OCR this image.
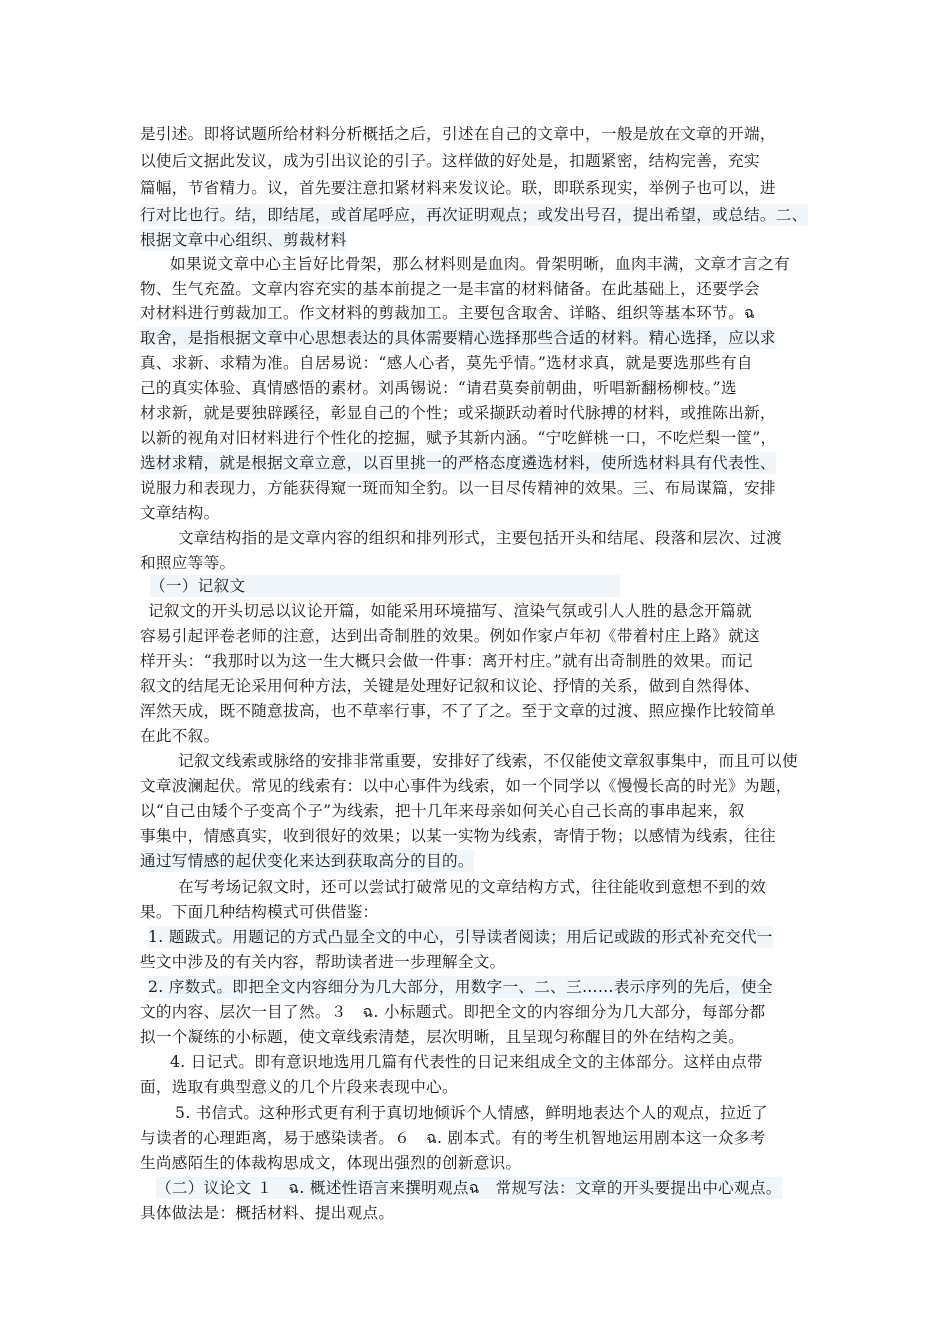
是引述。即将试题所给材料分析概括之后，引述在自己的文章中，一般是放在文章的开端，
以使后文据此发议，成为引出议论的引子。这样做的好处是，扣题紧密，结构完善，充实
篇幅，节省精力。议，首先要注意扣紧材料来发议论。联，即联系现实，举例子也可以，进
行对比也行。结，即结尾，或首尾呼应，再次证明观点；或发出号召，提出希望，或总结。二、
根据文章中心组织、剪裁材料
如果说文章中心主旨好比骨架，那么材料则是血肉。骨架明晰，血肉丰满，文章才言之有
物、生气充盈。文章内容充实的基本前提之一是丰富的材料储备。在此基础上，还要学会
对材料进行剪裁加工。作文材料的剪裁加工。主要包含取舍、详略、组织等基本环节。ฉ
取舍，是指根据文章中心思想表达的具体需要精心选择那些合适的材料。精心选择，应以求
真、求新、求精为准。自居易说：“感人心者，莫先乎情。”选材求真，就是要选那些有自
己的真实体验、真情感悟的素材。刘禹锡说：“请君莫奏前朝曲，听唱新翻杨柳枝。”选
材求新，就是要独辟蹊径，彰显自己的个性；或采撷跃动着时代脉搏的材料，或推陈出新，
以新的视角对旧材料进行个性化的挖掘，赋予其新内涵。“宁吃鲜桃一口，不吃烂梨一筐”，
选材求精，就是根据文章立意，以百里挑一的严格态度遴选材料，使所选材料具有代表性、
说服力和表现力，方能获得窥一斑而知全豹。以一目尽传精神的效果。三、布局谋篇，安排
文章结构。
文章结构指的是文章内容的组织和排列形式，主要包括开头和结尾、段落和层次、过渡
和照应等等。
（一）记叙文
记叙文的开头切忌以议论开篇，如能采用环境描写、渲染气氛或引人人胜的悬念开篇就
容易引起评卷老师的注意，达到出奇制胜的效果。例如作家卢年初《带着村庄上路》就这
样开头：“我那时以为这一生大概只会做一件事：离开村庄。”就有出奇制胜的效果。而记
叙文的结尾无论采用何种方法，关键是处理好记叙和议论、抒情的关系，做到自然得体、
浑然天成，既不随意拔高，也不草率行事，不了了之。至于文章的过渡、照应操作比较简单
在此不叙。
记叙文线索或脉络的安排非常重要，安排好了线索，不仅能使文章叙事集中，而且可以使
文章波澜起伏。常见的线索有：以中心事件为线索，如一个同学以《慢慢长高的时光》为题，
以“自己由矮个子变高个子”为线索，把十几年来母亲如何关心自己长高的事串起来，叙
事集中，情感真实，收到很好的效果；以某一实物为线索，寄情于物；以感情为线索，往往
通过写情感的起伏变化来达到获取高分的目的。
在写考场记叙文时，还可以尝试打破常见的文章结构方式，往往能收到意想不到的效
果。下面几种结构模式可供借鉴：
1. 题跋式。用题记的方式凸显全文的中心，引导读者阅读；用后记或跋的形式补充交代一
些文中涉及的有关内容，帮助读者进一步理解全文。
2. 序数式。即把全文内容细分为几大部分，用数字一、二、三……表示序列的先后，使全
文的内容、层次一目了然。３　ฉ. 小标题式。即把全文的内容细分为几大部分，每部分都
拟一个凝练的小标题，使文章线索清楚，层次明晰，且呈现匀称醒目的外在结构之美。
4. 日记式。即有意识地选用几篇有代表性的日记来组成全文的主体部分。这样由点带
面，选取有典型意义的几个片段来表现中心。
5. 书信式。这种形式更有利于真切地倾诉个人情感，鲜明地表达个人的观点，拉近了
与读者的心理距离，易于感染读者。６　ฉ. 剧本式。有的考生机智地运用剧本这一众多考
生尚感陌生的体裁构思成文，体现出强烈的创新意识。
（二）议论文 １　ฉ. 概述性语言来撰明观点ฉ　常规写法：文章的开头要提出中心观点。
具体做法是：概括材料、提出观点。
